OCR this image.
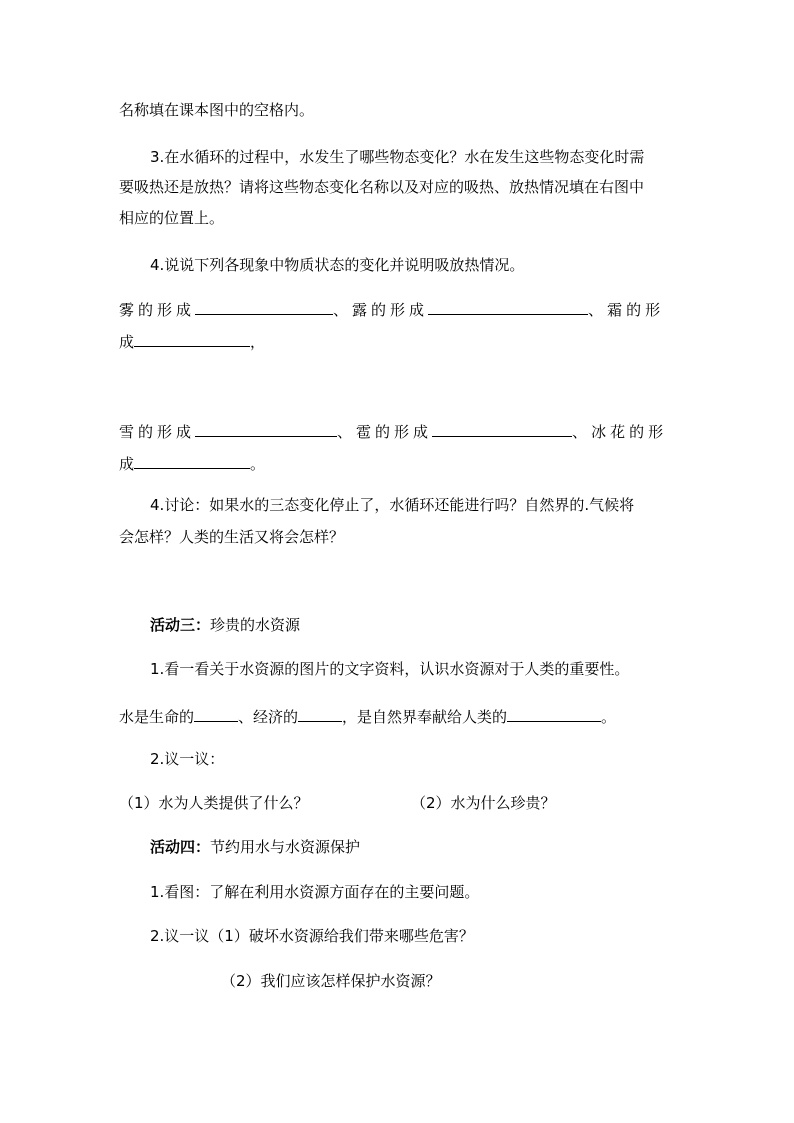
名称填在课本图中的空格内。
3.在水循环的过程中，水发生了哪些物态变化？水在发生这些物态变化时需
要吸热还是放热？请将这些物态变化名称以及对应的吸热、放热情况填在右图中
相应的位置上。
4.说说下列各现象中物质状态的变化并说明吸放热情况。
雾的形成	、露的形成	、霜的形
成	，
雪的形成	、雹的形成	、冰花的形
成	。
4.讨论：如果水的三态变化停止了，水循环还能进行吗？自然界的.气候将
会怎样？人类的生活又将会怎样？
活动三：珍贵的水资源
1.看一看关于水资源的图片的文字资料，认识水资源对于人类的重要性。
水是生命的	、经济的	，是自然界奉献给人类的	。
2.议一议：
（1）水为人类提供了什么？	（2）水为什么珍贵？
活动四：节约用水与水资源保护
1.看图：了解在利用水资源方面存在的主要问题。
2.议一议（1）破坏水资源给我们带来哪些危害？
（2）我们应该怎样保护水资源？
